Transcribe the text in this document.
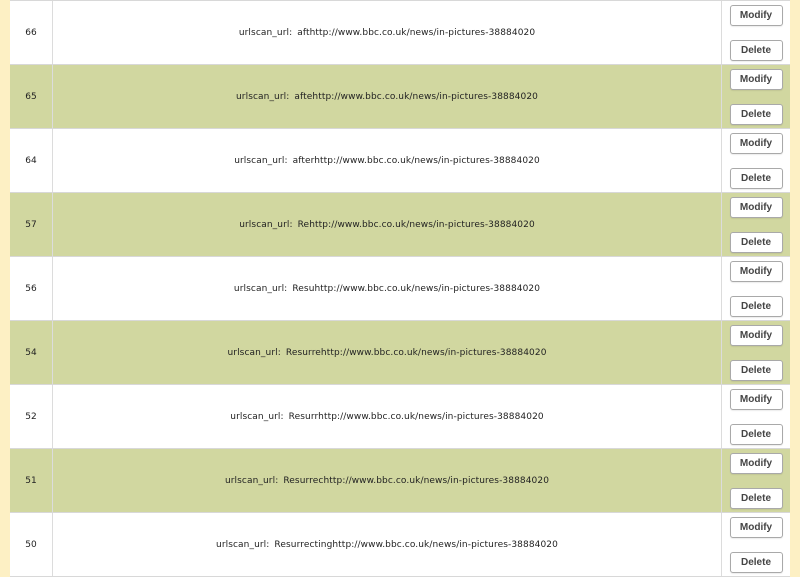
66	urlscan_url: afthttp://www.bbc.co.uk/news/in-pictures-38884020
Modify
Delete
65	urlscan_url: aftehttp://www.bbc.co.uk/news/in-pictures-38884020
Modify
Delete
64	urlscan_url: afterhttp://www.bbc.co.uk/news/in-pictures-38884020
Modify
Delete
57	urlscan_url: Rehttp://www.bbc.co.uk/news/in-pictures-38884020
Modify
Delete
56	urlscan_url: Resuhttp://www.bbc.co.uk/news/in-pictures-38884020
Modify
Delete
54	urlscan_url: Resurrehttp://www.bbc.co.uk/news/in-pictures-38884020
Modify
Delete
52	urlscan_url: Resurrhttp://www.bbc.co.uk/news/in-pictures-38884020
Modify
Delete
51	urlscan_url: Resurrechttp://www.bbc.co.uk/news/in-pictures-38884020
Modify
Delete
50	urlscan_url: Resurrectinghttp://www.bbc.co.uk/news/in-pictures-38884020
Modify
Delete
